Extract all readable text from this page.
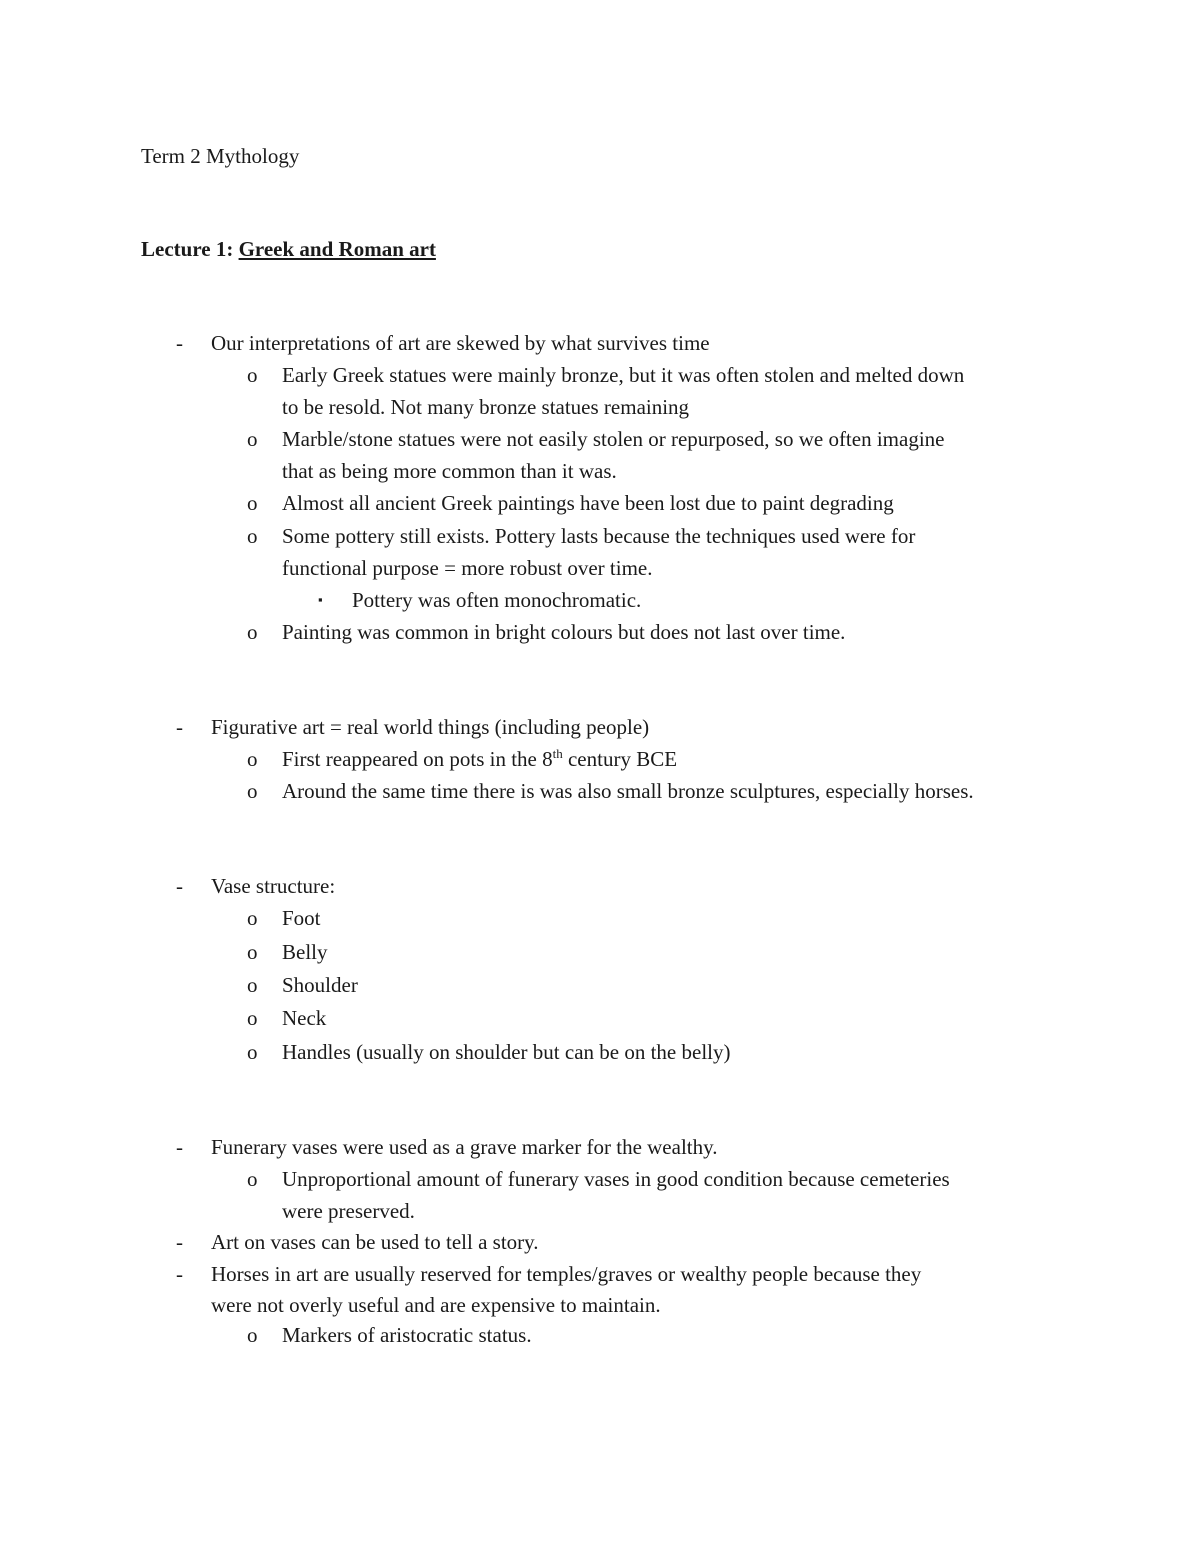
Term 2 Mythology
Lecture 1: Greek and Roman art
- Our interpretations of art are skewed by what survives time
o Early Greek statues were mainly bronze, but it was often stolen and melted down
to be resold. Not many bronze statues remaining
o Marble/stone statues were not easily stolen or repurposed, so we often imagine
that as being more common than it was.
o Almost all ancient Greek paintings have been lost due to paint degrading
o Some pottery still exists. Pottery lasts because the techniques used were for
functional purpose = more robust over time.
▪ Pottery was often monochromatic.
o Painting was common in bright colours but does not last over time.
- Figurative art = real world things (including people)
o First reappeared on pots in the 8th century BCE
o Around the same time there is was also small bronze sculptures, especially horses.
- Vase structure:
o Foot
o Belly
o Shoulder
o Neck
o Handles (usually on shoulder but can be on the belly)
- Funerary vases were used as a grave marker for the wealthy.
o Unproportional amount of funerary vases in good condition because cemeteries
were preserved.
- Art on vases can be used to tell a story.
- Horses in art are usually reserved for temples/graves or wealthy people because they
were not overly useful and are expensive to maintain.
o Markers of aristocratic status.
